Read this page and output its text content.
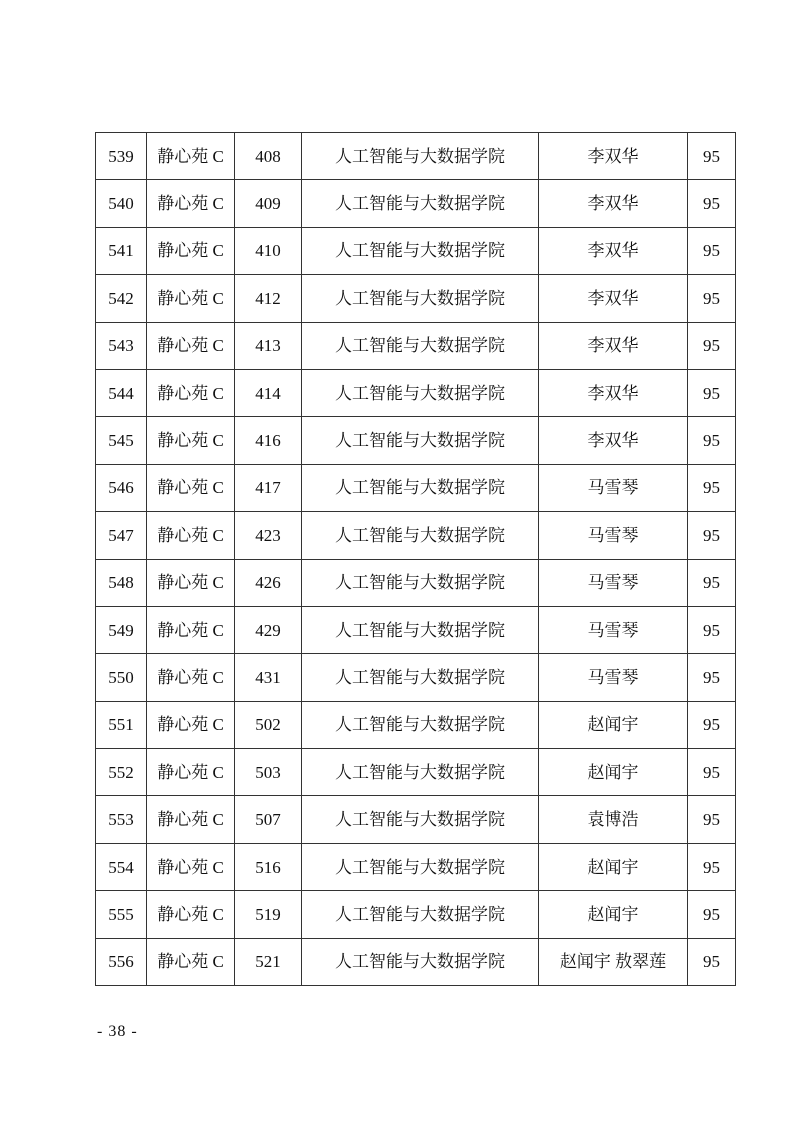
539	静心苑 C	408	人工智能与大数据学院	李双华	95
540	静心苑 C	409	人工智能与大数据学院	李双华	95
541	静心苑 C	410	人工智能与大数据学院	李双华	95
542	静心苑 C	412	人工智能与大数据学院	李双华	95
543	静心苑 C	413	人工智能与大数据学院	李双华	95
544	静心苑 C	414	人工智能与大数据学院	李双华	95
545	静心苑 C	416	人工智能与大数据学院	李双华	95
546	静心苑 C	417	人工智能与大数据学院	马雪琴	95
547	静心苑 C	423	人工智能与大数据学院	马雪琴	95
548	静心苑 C	426	人工智能与大数据学院	马雪琴	95
549	静心苑 C	429	人工智能与大数据学院	马雪琴	95
550	静心苑 C	431	人工智能与大数据学院	马雪琴	95
551	静心苑 C	502	人工智能与大数据学院	赵闻宇	95
552	静心苑 C	503	人工智能与大数据学院	赵闻宇	95
553	静心苑 C	507	人工智能与大数据学院	袁博浩	95
554	静心苑 C	516	人工智能与大数据学院	赵闻宇	95
555	静心苑 C	519	人工智能与大数据学院	赵闻宇	95
556	静心苑 C	521	人工智能与大数据学院	赵闻宇 敖翠莲	95
- 38 -
